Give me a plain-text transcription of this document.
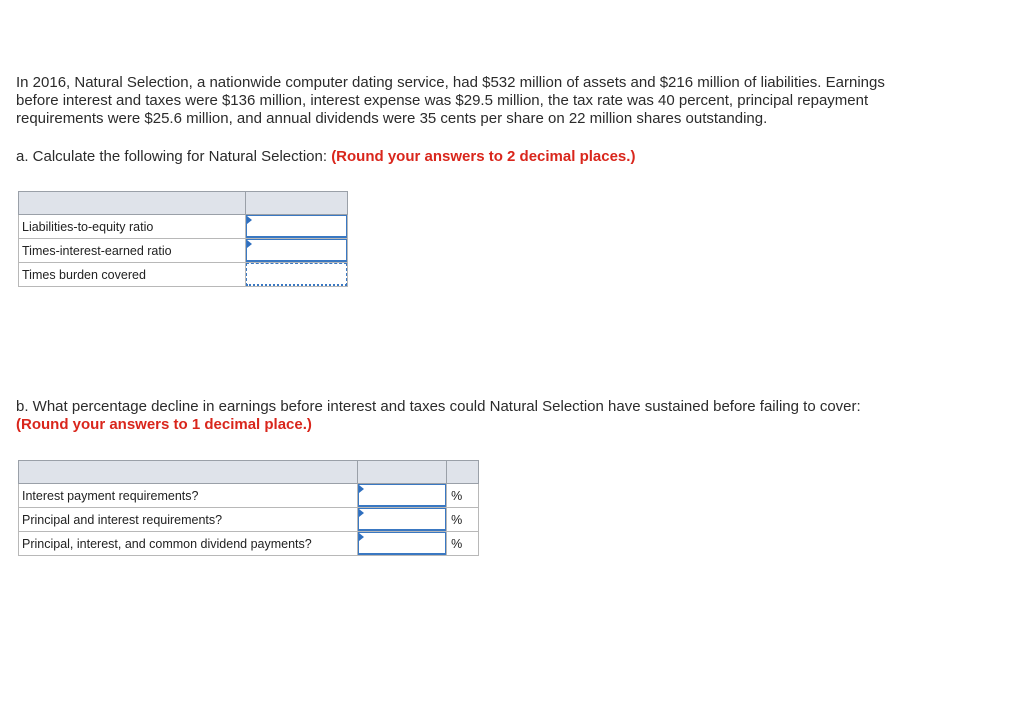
In 2016, Natural Selection, a nationwide computer dating service, had $532 million of assets and $216 million of liabilities. Earnings
before interest and taxes were $136 million, interest expense was $29.5 million, the tax rate was 40 percent, principal repayment
requirements were $25.6 million, and annual dividends were 35 cents per share on 22 million shares outstanding.
a. Calculate the following for Natural Selection: (Round your answers to 2 decimal places.)

Liabilities-to-equity ratio	

Times-interest-earned ratio	

Times burden covered	
b. What percentage decline in earnings before interest and taxes could Natural Selection have sustained before failing to cover:
(Round your answers to 1 decimal place.)

Interest payment requirements?		%
Principal and interest requirements?		%
Principal, interest, and common dividend payments?		%
